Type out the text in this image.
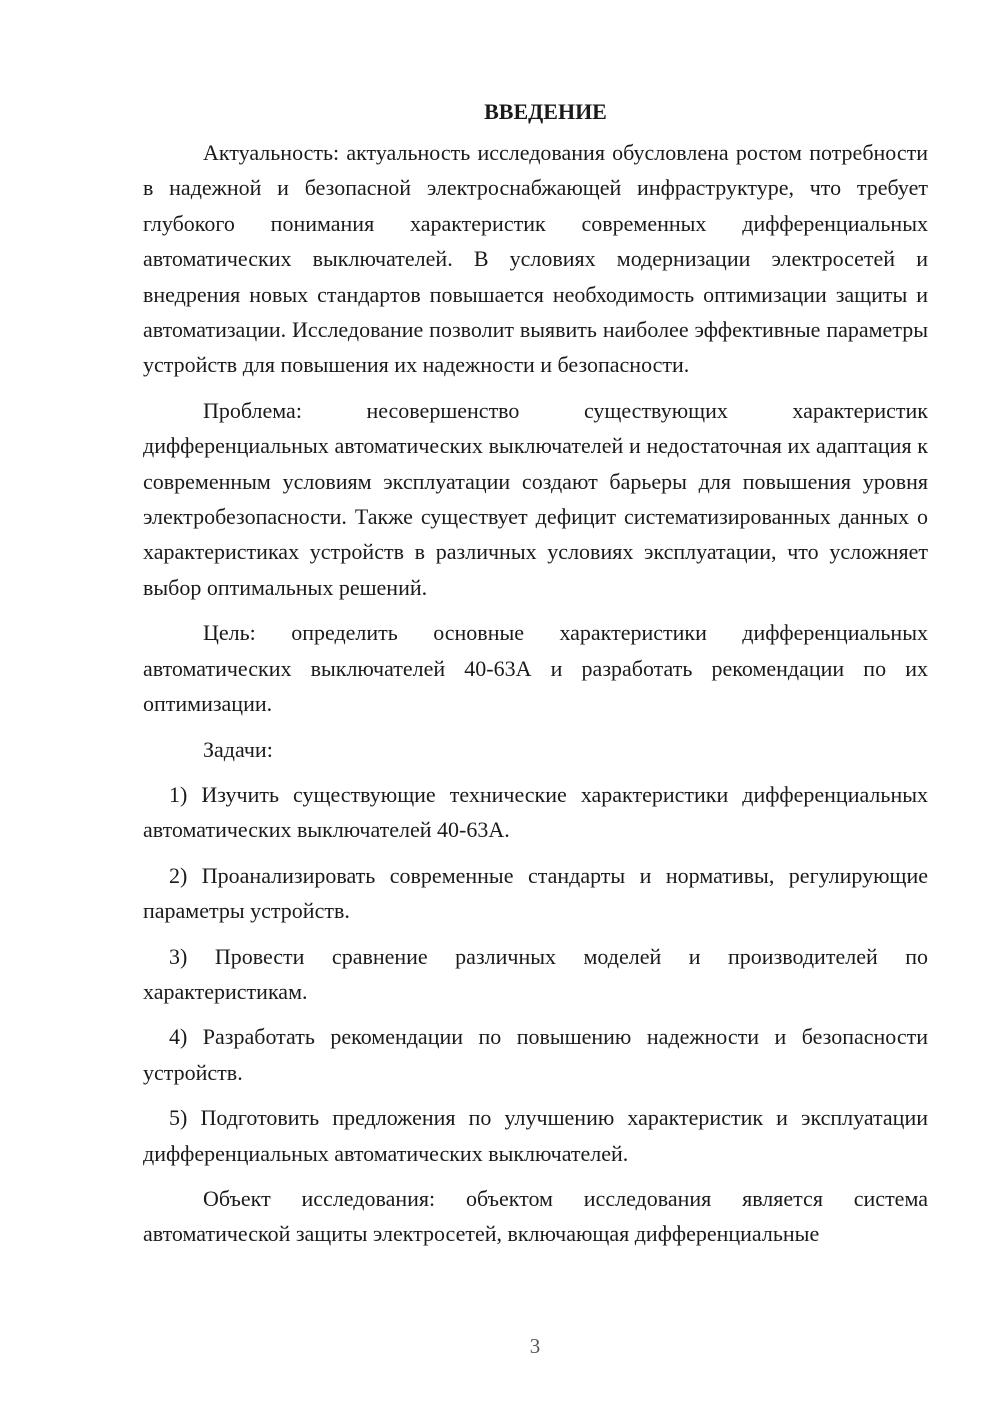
ВВЕДЕНИЕ

Актуальность: актуальность исследования обусловлена ростом потребности в надежной и безопасной электроснабжающей инфраструктуре, что требует глубокого понимания характеристик современных дифференциальных автоматических выключателей. В условиях модернизации электросетей и внедрения новых стандартов повышается необходимость оптимизации защиты и автоматизации. Исследование позволит выявить наиболее эффективные параметры устройств для повышения их надежности и безопасности.

Проблема: несовершенство существующих характеристик дифференциальных автоматических выключателей и недостаточная их адаптация к современным условиям эксплуатации создают барьеры для повышения уровня электробезопасности. Также существует дефицит систематизированных данных о характеристиках устройств в различных условиях эксплуатации, что усложняет выбор оптимальных решений.

Цель: определить основные характеристики дифференциальных автоматических выключателей 40-63А и разработать рекомендации по их оптимизации.

Задачи:

1) Изучить существующие технические характеристики дифференциальных автоматических выключателей 40-63А.

2) Проанализировать современные стандарты и нормативы, регулирующие параметры устройств.

3) Провести сравнение различных моделей и производителей по характеристикам.

4) Разработать рекомендации по повышению надежности и безопасности устройств.

5) Подготовить предложения по улучшению характеристик и эксплуатации дифференциальных автоматических выключателей.

Объект исследования: объектом исследования является система автоматической защиты электросетей, включающая дифференциальные

3
